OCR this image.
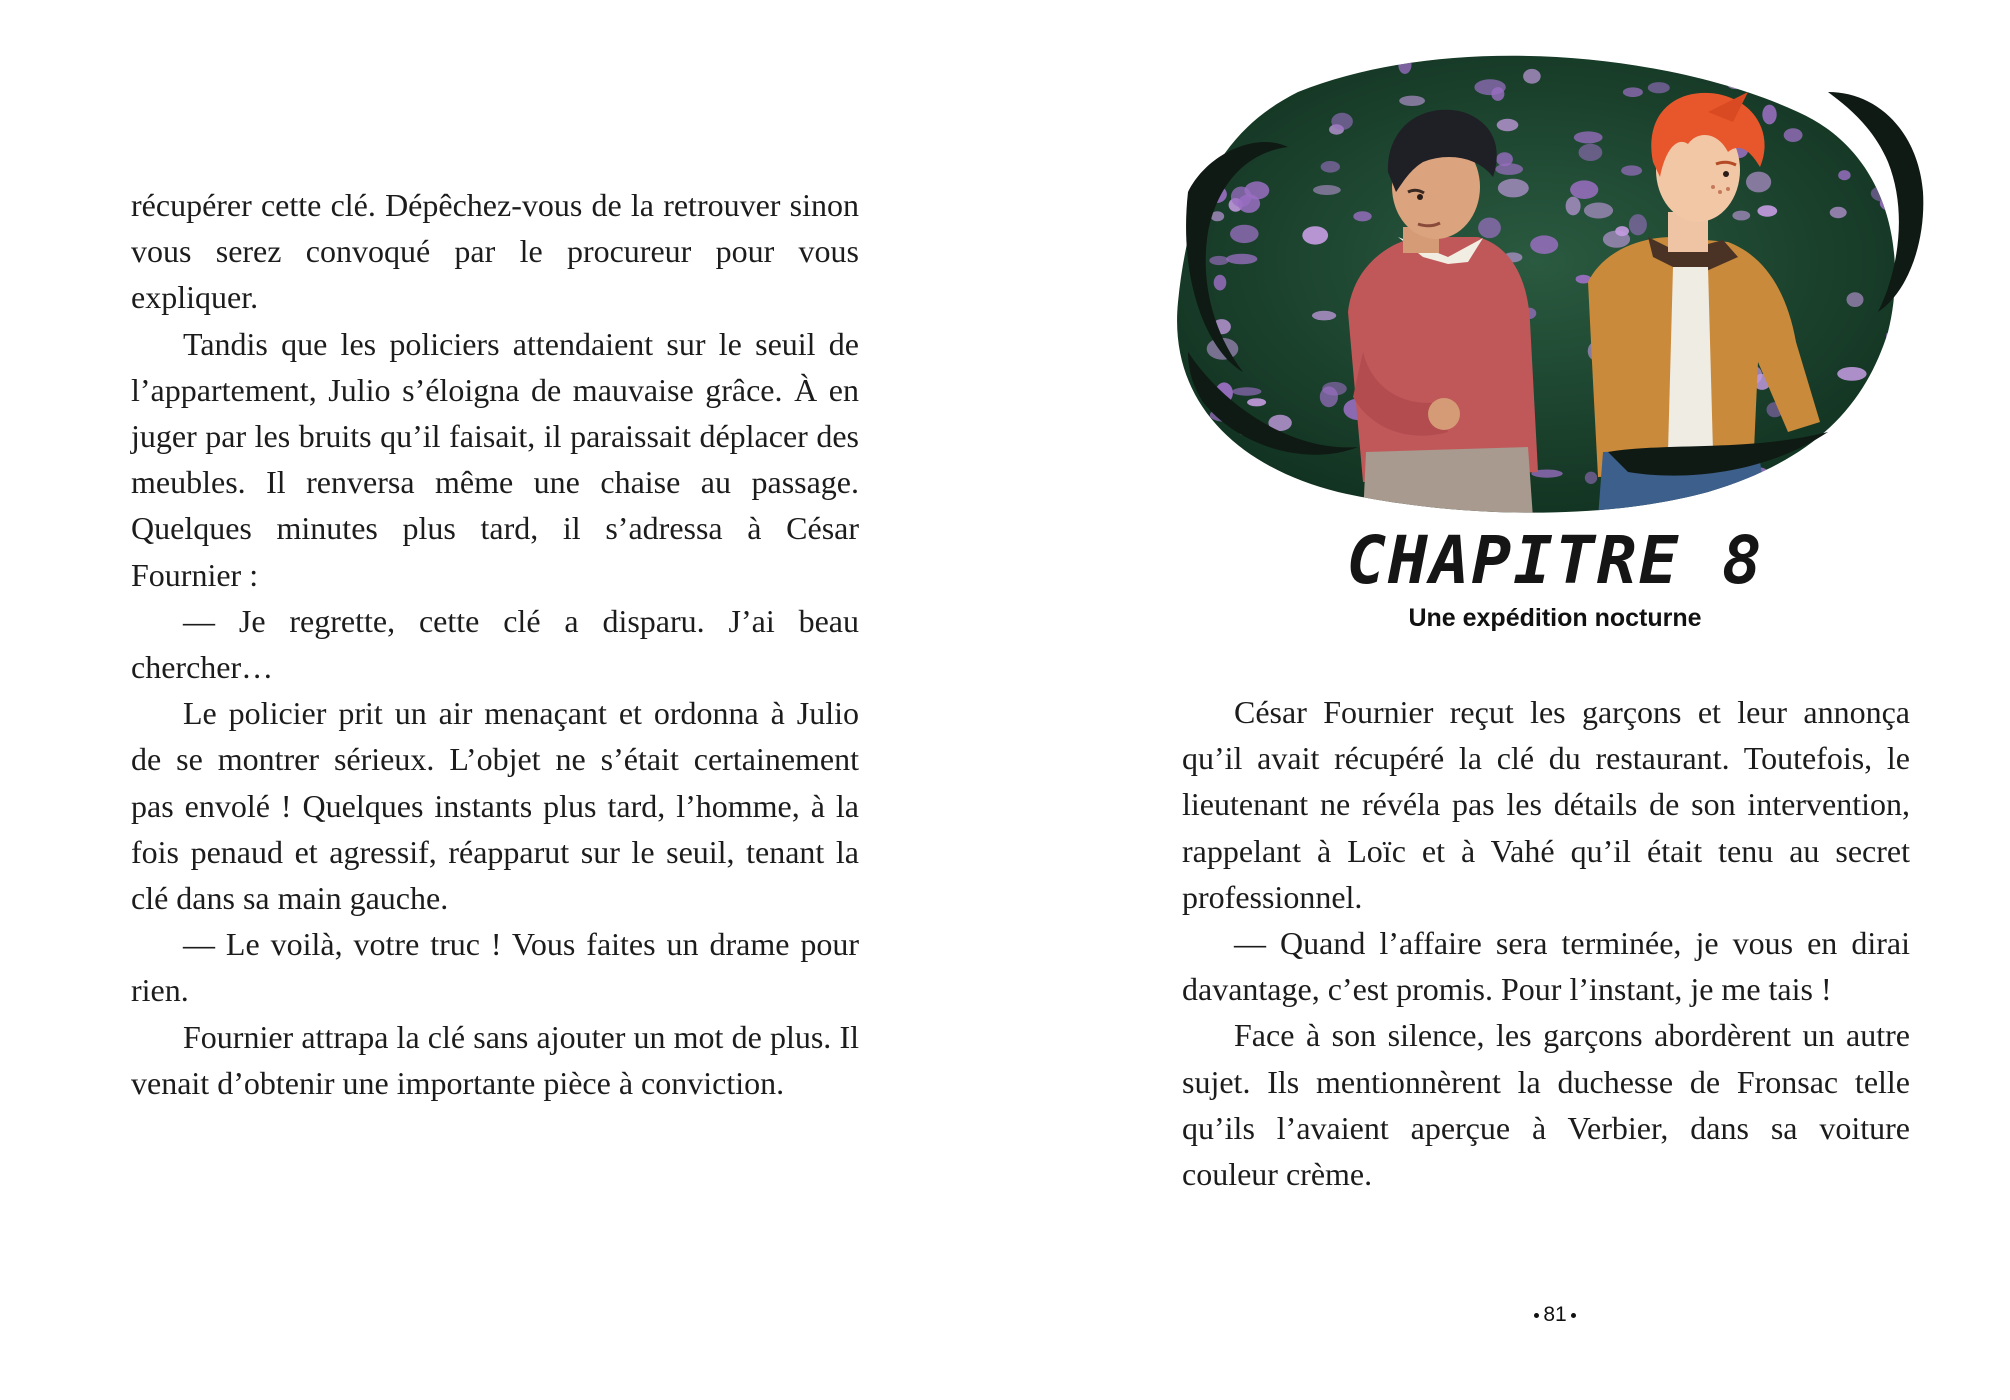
récupérer cette clé. Dépêchez-vous de la retrouver sinon vous serez convoqué par le procureur pour vous expliquer.

Tandis que les policiers attendaient sur le seuil de l’appartement, Julio s’éloigna de mauvaise grâce. À en juger par les bruits qu’il faisait, il paraissait déplacer des meubles. Il renversa même une chaise au passage. Quelques minutes plus tard, il s’adressa à César Fournier :

— Je regrette, cette clé a disparu. J’ai beau chercher…

Le policier prit un air menaçant et ordonna à Julio de se montrer sérieux. L’objet ne s’était certainement pas envolé ! Quelques instants plus tard, l’homme, à la fois penaud et agressif, réapparut sur le seuil, tenant la clé dans sa main gauche.

— Le voilà, votre truc ! Vous faites un drame pour rien.

Fournier attrapa la clé sans ajouter un mot de plus. Il venait d’obtenir une importante pièce à conviction.

CHAPITRE 8
Une expédition nocturne

César Fournier reçut les garçons et leur annonça qu’il avait récupéré la clé du restaurant. Toutefois, le lieutenant ne révéla pas les détails de son intervention, rappelant à Loïc et à Vahé qu’il était tenu au secret professionnel.

— Quand l’affaire sera terminée, je vous en dirai davantage, c’est promis. Pour l’instant, je me tais !

Face à son silence, les garçons abordèrent un autre sujet. Ils mentionnèrent la duchesse de Fronsac telle qu’ils l’avaient aperçue à Verbier, dans sa voiture couleur crème.

81
